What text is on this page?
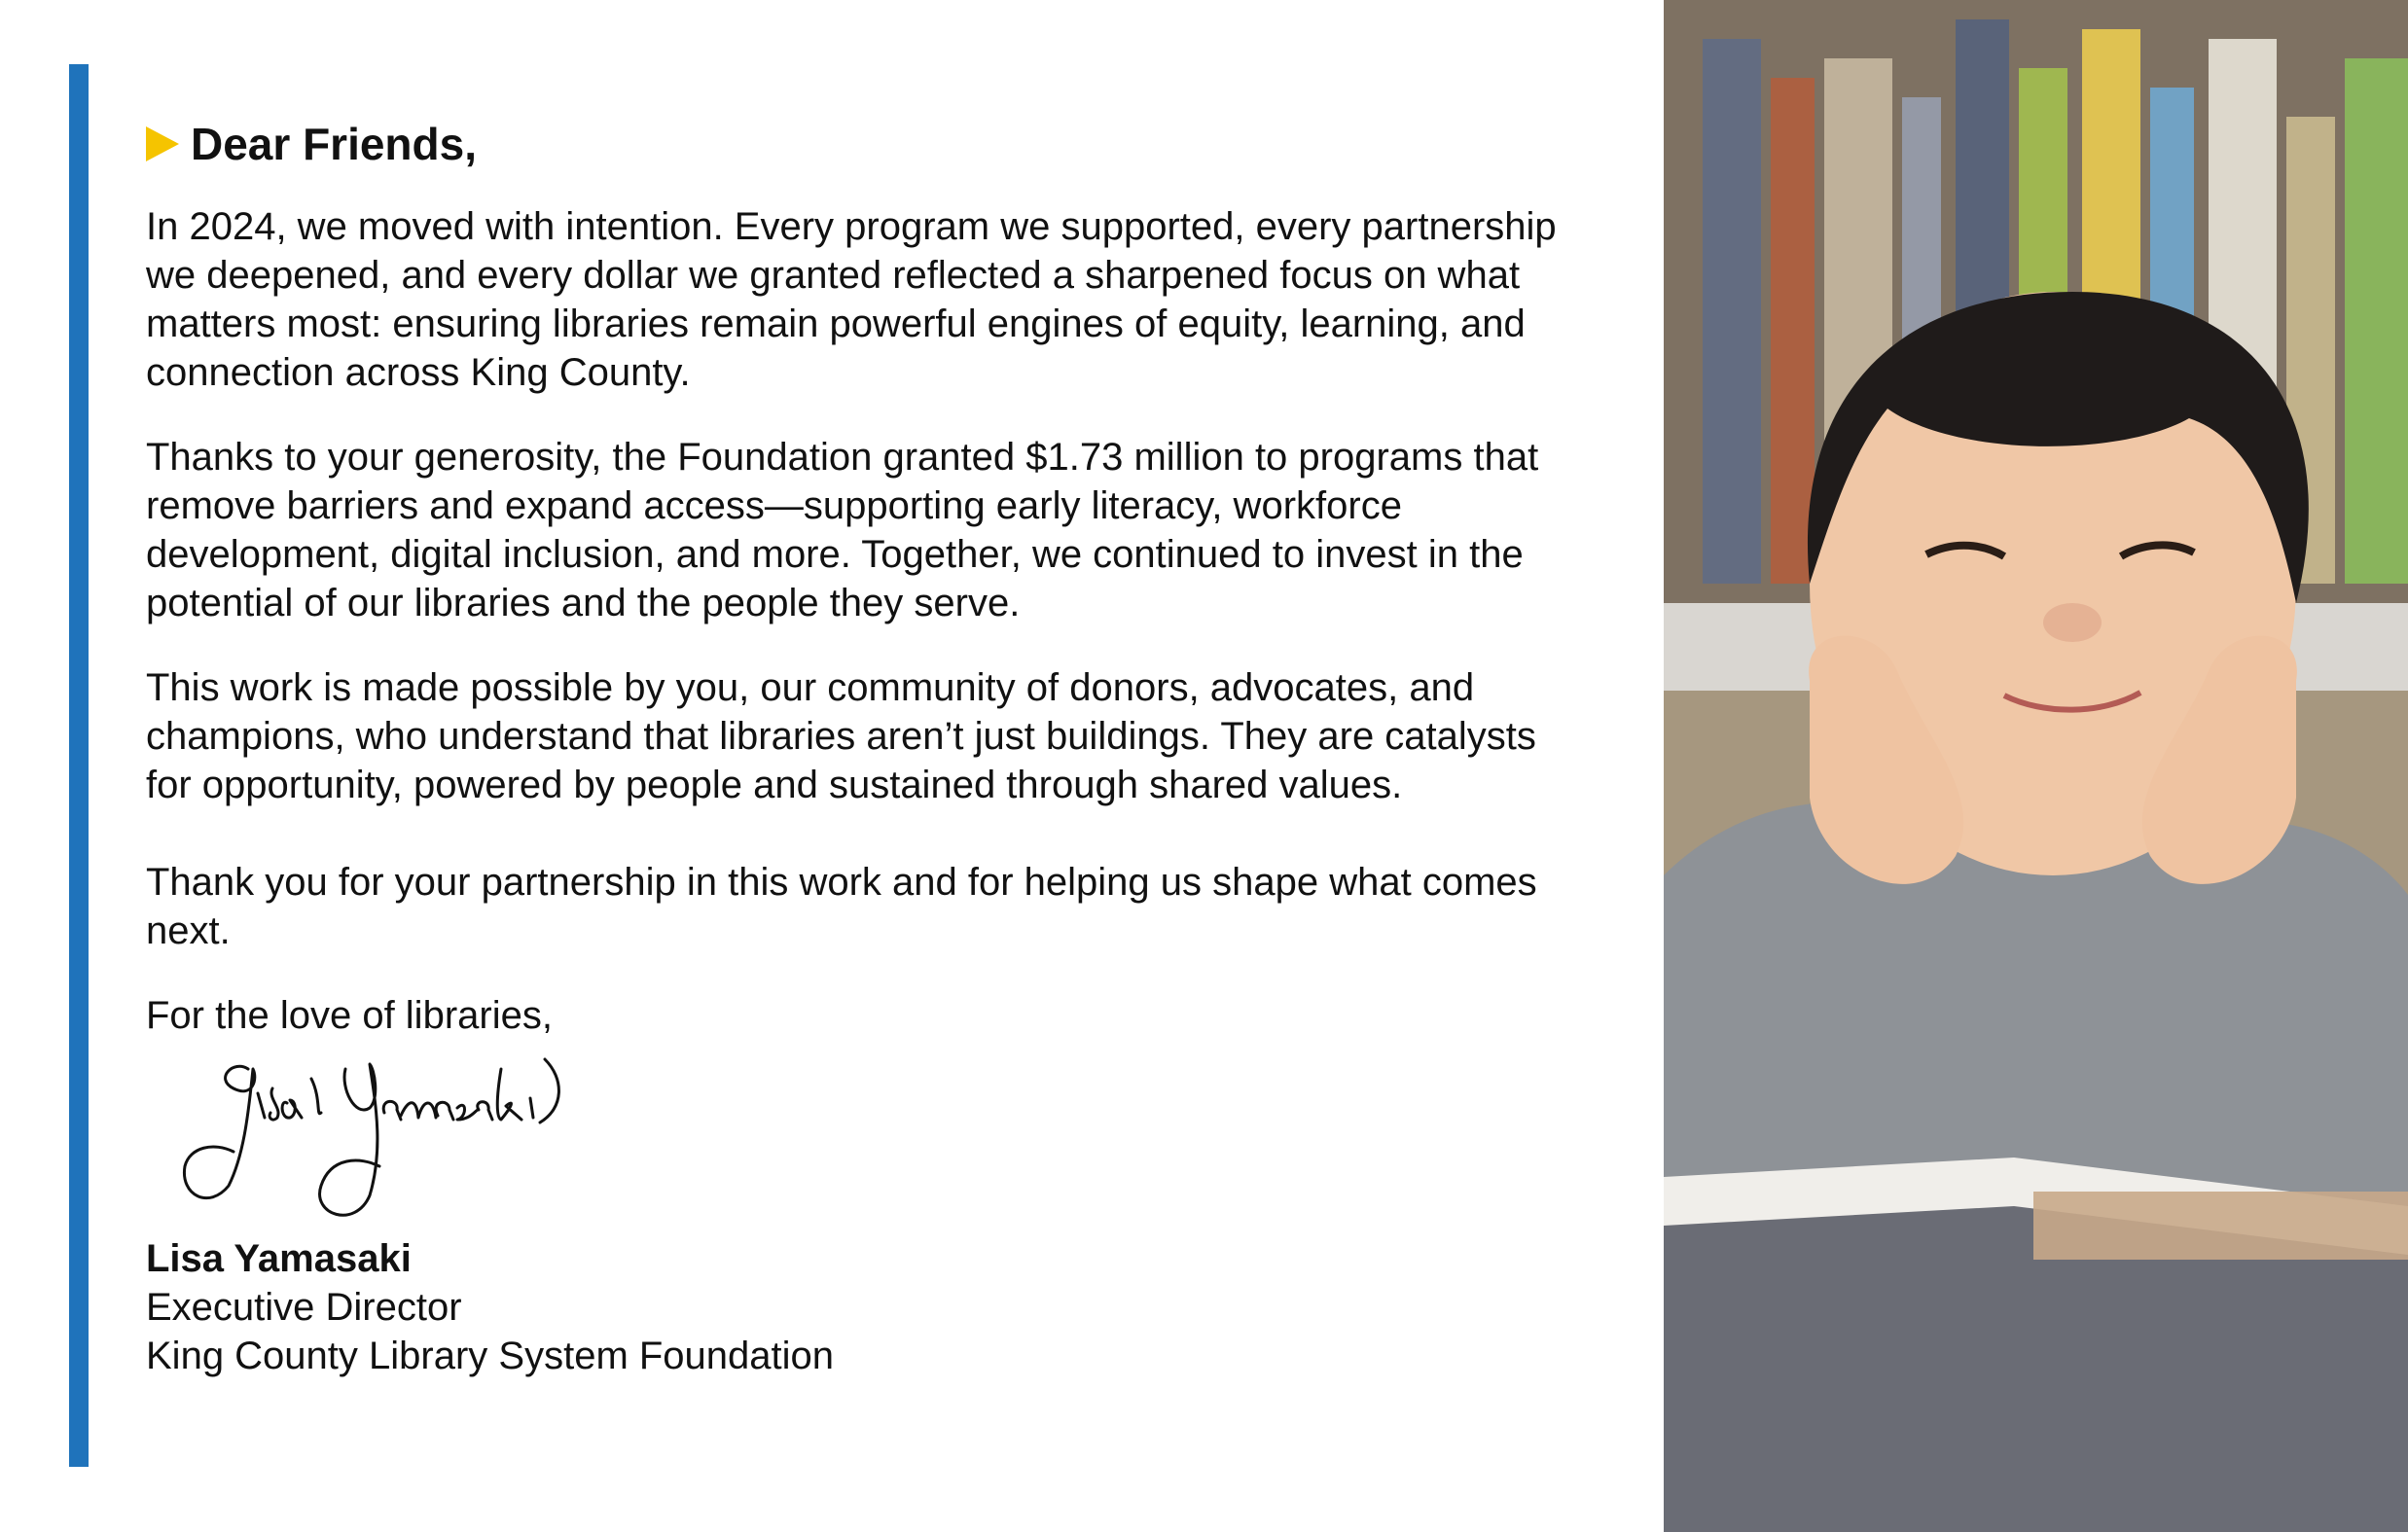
Dear Friends,

In 2024, we moved with intention. Every program we supported, every partnership we deepened, and every dollar we granted reflected a sharpened focus on what matters most: ensuring libraries remain powerful engines of equity, learning, and connection across King County.

Thanks to your generosity, the Foundation granted $1.73 million to programs that remove barriers and expand access—supporting early literacy, workforce development, digital inclusion, and more. Together, we continued to invest in the potential of our libraries and the people they serve.

This work is made possible by you, our community of donors, advocates, and champions, who understand that libraries aren’t just buildings. They are catalysts for opportunity, powered by people and sustained through shared values.

Thank you for your partnership in this work and for helping us shape what comes next.

For the love of libraries,

Lisa Yamasaki
Executive Director
King County Library System Foundation
